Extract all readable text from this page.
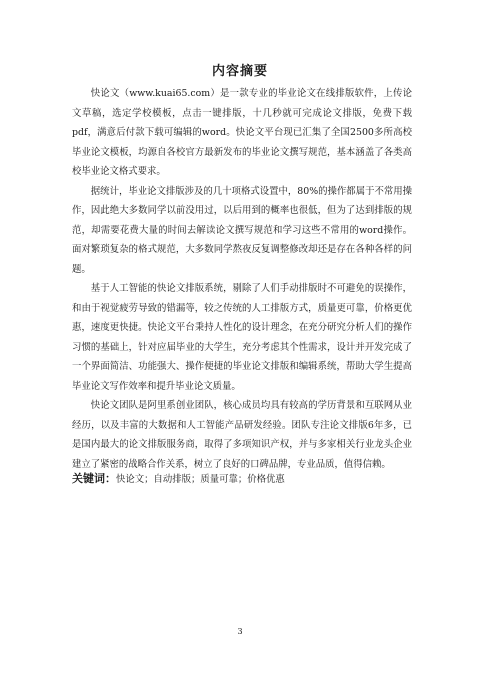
内容摘要

快论文（www.kuai65.com）是一款专业的毕业论文在线排版软件，上传论文草稿，选定学校模板，点击一键排版，十几秒就可完成论文排版，免费下载pdf，满意后付款下载可编辑的word。快论文平台现已汇集了全国2500多所高校毕业论文模板，均源自各校官方最新发布的毕业论文撰写规范，基本涵盖了各类高校毕业论文格式要求。

据统计，毕业论文排版涉及的几十项格式设置中，80%的操作都属于不常用操作，因此绝大多数同学以前没用过，以后用到的概率也很低，但为了达到排版的规范，却需要花费大量的时间去解读论文撰写规范和学习这些不常用的word操作。面对繁琐复杂的格式规范，大多数同学熬夜反复调整修改却还是存在各种各样的问题。

基于人工智能的快论文排版系统，剔除了人们手动排版时不可避免的误操作，和由于视觉疲劳导致的错漏等，较之传统的人工排版方式，质量更可靠，价格更优惠，速度更快捷。快论文平台秉持人性化的设计理念，在充分研究分析人们的操作习惯的基础上，针对应届毕业的大学生，充分考虑其个性需求，设计并开发完成了一个界面简洁、功能强大、操作便捷的毕业论文排版和编辑系统，帮助大学生提高毕业论文写作效率和提升毕业论文质量。

快论文团队是阿里系创业团队，核心成员均具有较高的学历背景和互联网从业经历，以及丰富的大数据和人工智能产品研发经验。团队专注论文排版6年多，已是国内最大的论文排版服务商，取得了多项知识产权，并与多家相关行业龙头企业建立了紧密的战略合作关系，树立了良好的口碑品牌，专业品质，值得信赖。

关键词：快论文；自动排版；质量可靠；价格优惠
3
